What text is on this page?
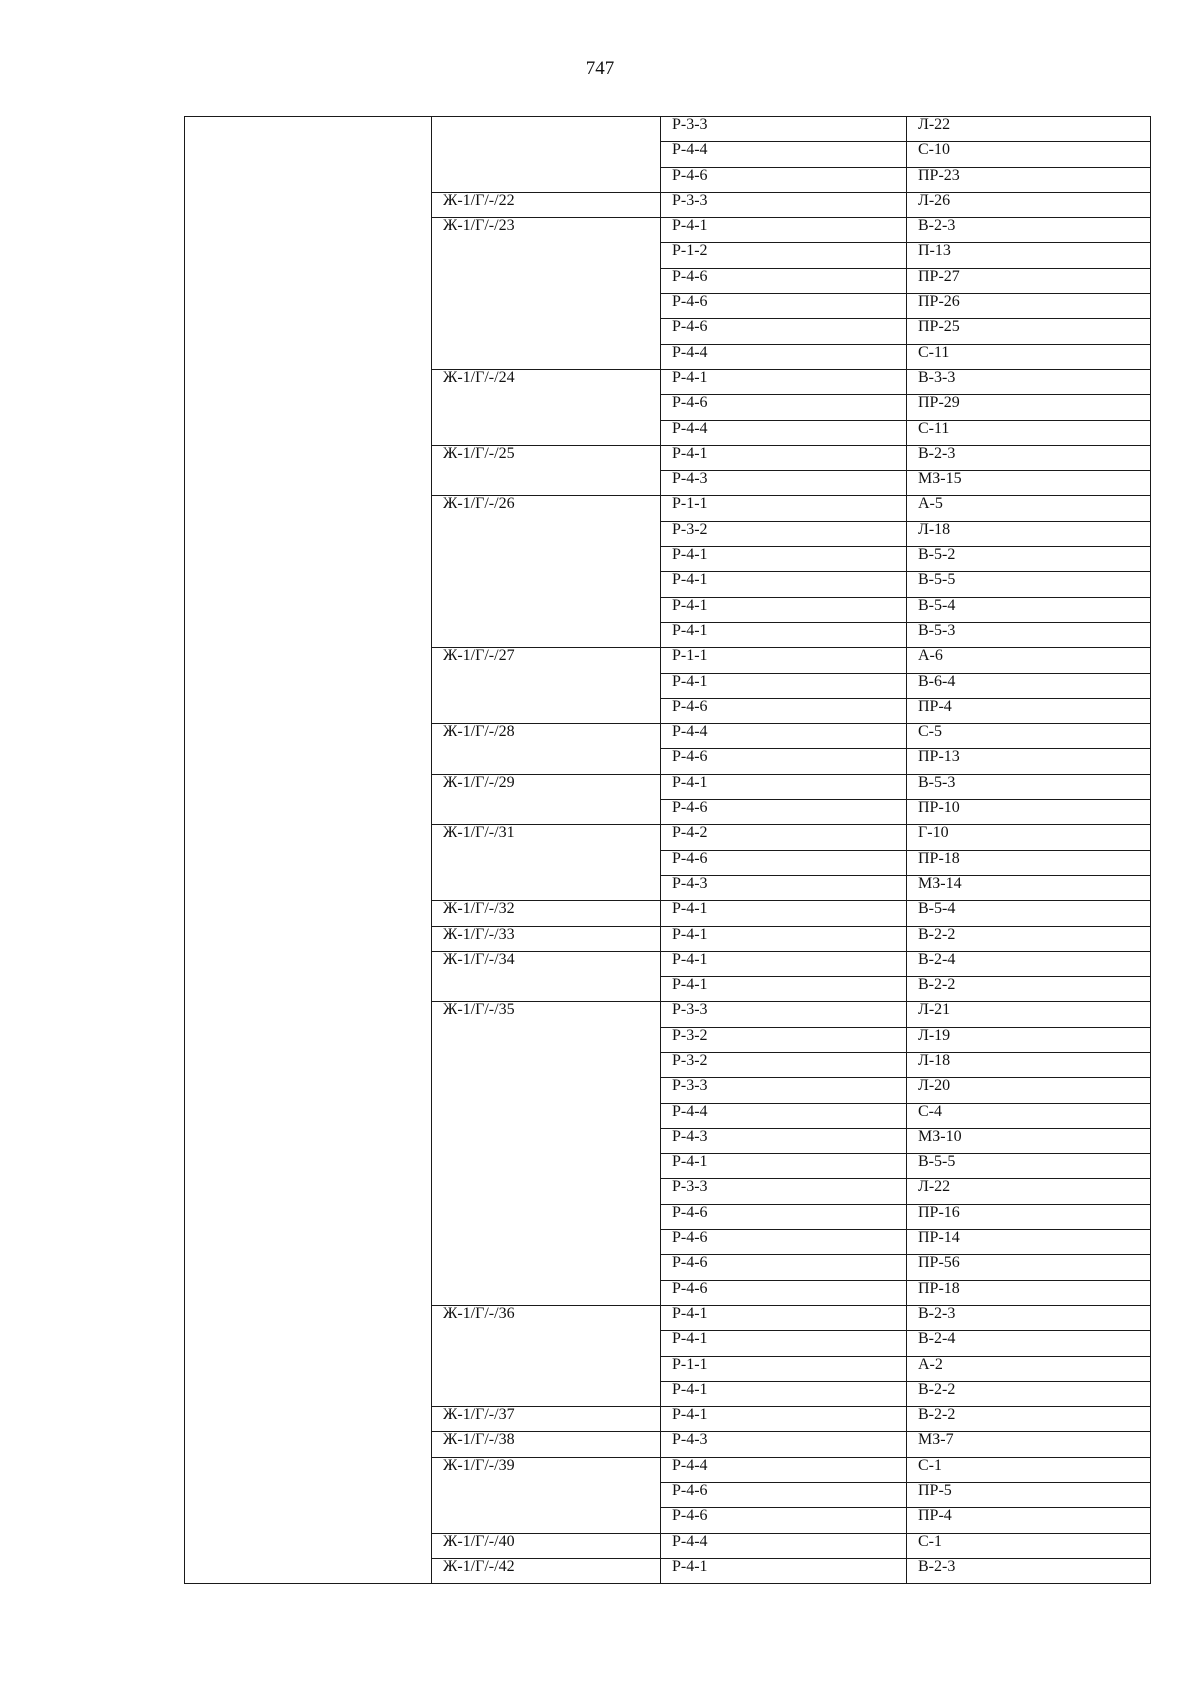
747
		Р-3-3	Л-22
		Р-4-4	С-10
		Р-4-6	ПР-23
	Ж-1/Г/-/22	Р-3-3	Л-26
	Ж-1/Г/-/23	Р-4-1	В-2-3
		Р-1-2	П-13
		Р-4-6	ПР-27
		Р-4-6	ПР-26
		Р-4-6	ПР-25
		Р-4-4	С-11
	Ж-1/Г/-/24	Р-4-1	В-3-3
		Р-4-6	ПР-29
		Р-4-4	С-11
	Ж-1/Г/-/25	Р-4-1	В-2-3
		Р-4-3	МЗ-15
	Ж-1/Г/-/26	Р-1-1	А-5
		Р-3-2	Л-18
		Р-4-1	В-5-2
		Р-4-1	В-5-5
		Р-4-1	В-5-4
		Р-4-1	В-5-3
	Ж-1/Г/-/27	Р-1-1	А-6
		Р-4-1	В-6-4
		Р-4-6	ПР-4
	Ж-1/Г/-/28	Р-4-4	С-5
		Р-4-6	ПР-13
	Ж-1/Г/-/29	Р-4-1	В-5-3
		Р-4-6	ПР-10
	Ж-1/Г/-/31	Р-4-2	Г-10
		Р-4-6	ПР-18
		Р-4-3	МЗ-14
	Ж-1/Г/-/32	Р-4-1	В-5-4
	Ж-1/Г/-/33	Р-4-1	В-2-2
	Ж-1/Г/-/34	Р-4-1	В-2-4
		Р-4-1	В-2-2
	Ж-1/Г/-/35	Р-3-3	Л-21
		Р-3-2	Л-19
		Р-3-2	Л-18
		Р-3-3	Л-20
		Р-4-4	С-4
		Р-4-3	МЗ-10
		Р-4-1	В-5-5
		Р-3-3	Л-22
		Р-4-6	ПР-16
		Р-4-6	ПР-14
		Р-4-6	ПР-56
		Р-4-6	ПР-18
	Ж-1/Г/-/36	Р-4-1	В-2-3
		Р-4-1	В-2-4
		Р-1-1	А-2
		Р-4-1	В-2-2
	Ж-1/Г/-/37	Р-4-1	В-2-2
	Ж-1/Г/-/38	Р-4-3	МЗ-7
	Ж-1/Г/-/39	Р-4-4	С-1
		Р-4-6	ПР-5
		Р-4-6	ПР-4
	Ж-1/Г/-/40	Р-4-4	С-1
	Ж-1/Г/-/42	Р-4-1	В-2-3
